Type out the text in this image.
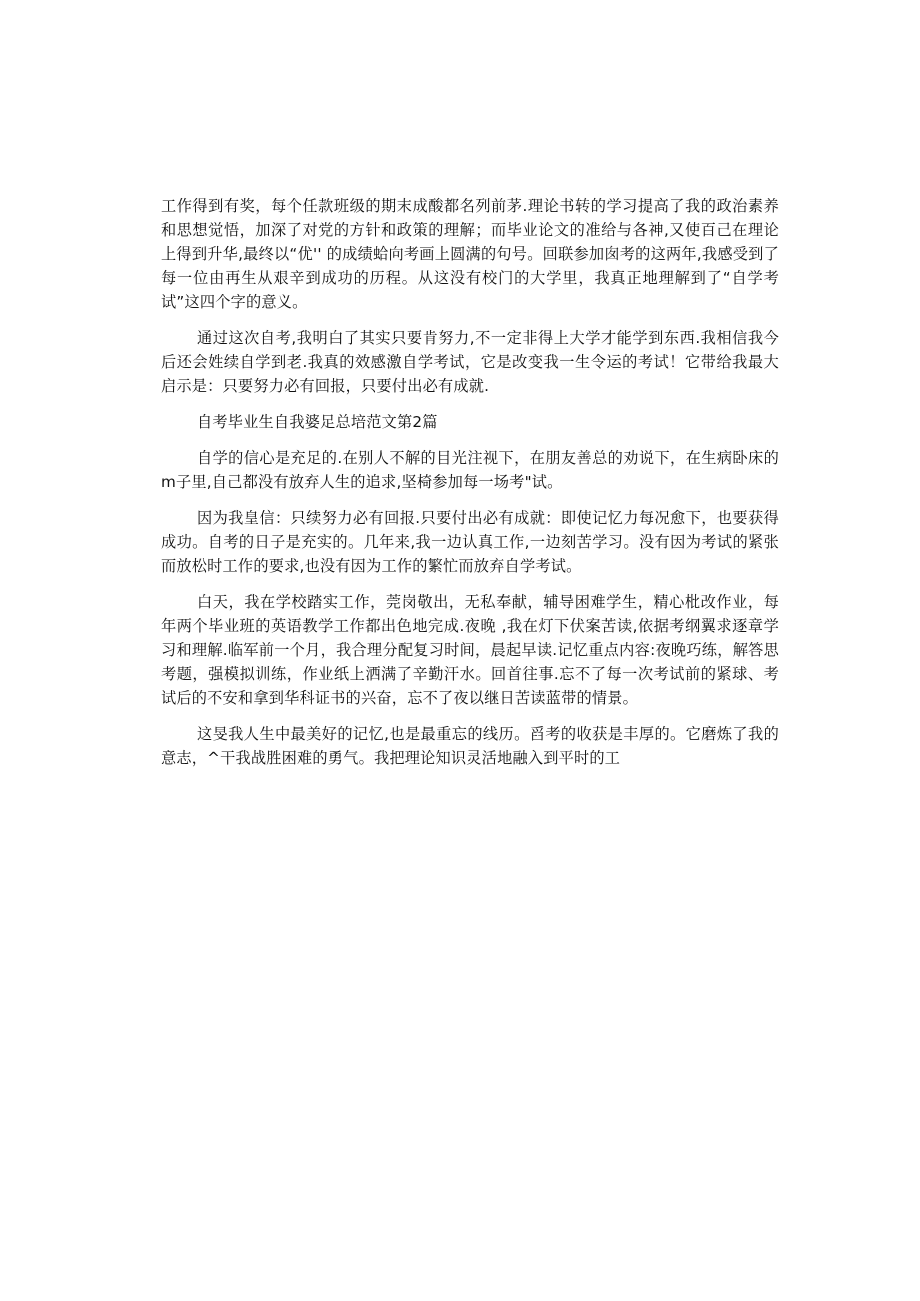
工作得到有奖，每个任款班级的期末成酸都名列前茅.理论书转的学习提高了我的政治素养和思想觉悟，加深了对党的方针和政策的理解；而毕业论文的准给与各神,又使百己在理论上得到升华,最终以“优'' 的成绩蛤向考画上圆满的句号。回联参加囱考的这两年,我感受到了每一位由再生从艰辛到成功的历程。从这没有校门的大学里，我真正地理解到了“自学考试”这四个字的意义。

通过这次自考,我明白了其实只要肯努力,不一定非得上大学才能学到东西.我相信我今后还会姓续自学到老.我真的效感激自学考试，它是改变我一生令运的考试！它带给我最大启示是：只要努力必有回报，只要付出必有成就.

自考毕业生自我婆足总培范文第2篇

自学的信心是充足的.在别人不解的目光注视下，在朋友善总的劝说下，在生病卧床的m子里,自己都没有放弃人生的追求,坚椅参加每一场考"试。

因为我皇信：只续努力必有回报.只要付出必有成就：即使记忆力每况愈下，也要获得成功。自考的日子是充实的。几年来,我一边认真工作,一边刻苦学习。没有因为考试的紧张而放松时工作的要求,也没有因为工作的繁忙而放弃自学考试。

白天，我在学校踏实工作，莞岗敬出，无私奉献，辅导困难学生，精心枇改作业，每年两个毕业班的英语教学工作都出色地完成.夜晚 ,我在灯下伏案苦读,依据考纲翼求逐章学习和理解.临军前一个月，我合理分配复习时间，晨起早读.记忆重点内容:夜晚巧练，解答思考题，强模拟训练，作业纸上洒满了辛勤汗水。回首往事.忘不了每一次考试前的紧球、考试后的不安和拿到华科证书的兴奋，忘不了夜以继日苦读蓝带的情景。

这旻我人生中最美好的记忆,也是最重忘的线历。舀考的收获是丰厚的。它磨炼了我的意志，^干我战胜困难的勇气。我把理论知识灵活地融入到平时的工
